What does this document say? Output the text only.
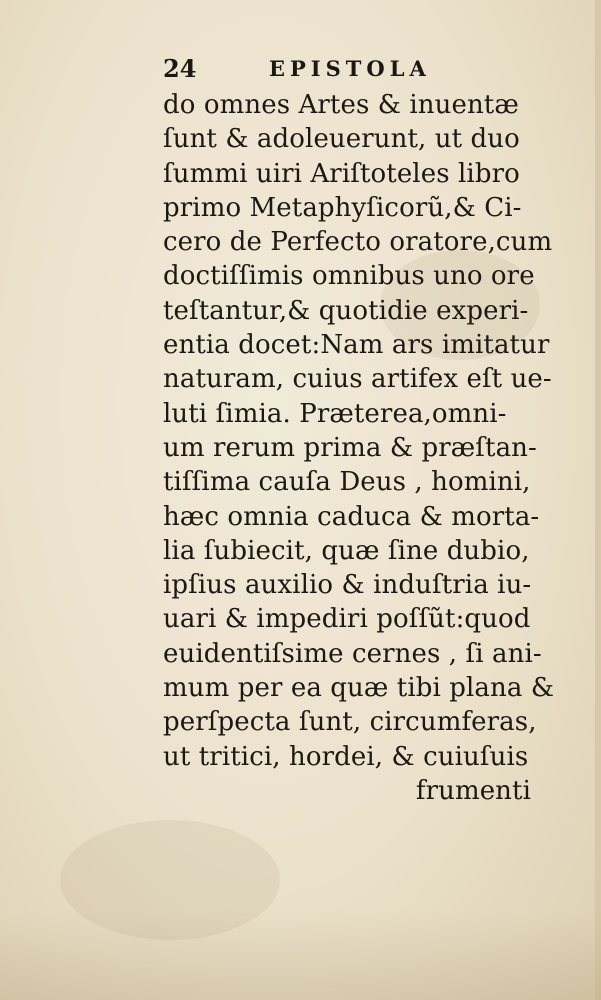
24	EPISTOLA
do omnes Artes & inuentæ
ſunt & adoleuerunt, ut duo
ſummi uiri Ariſtoteles libro
primo Metaphyſicorũ,& Ci-
cero de Perfecto oratore,cum
doctiſſimis omnibus uno ore
teſtantur,& quotidie experi-
entia docet:Nam ars imitatur
naturam, cuius artifex eſt ue-
luti ſimia. Præterea,omni-
um rerum prima & præſtan-
tiſſima cauſa Deus , homini,
hæc omnia caduca & morta-
lia ſubiecit, quæ ſine dubio,
ipſius auxilio & induſtria iu-
uari & impediri poſſũt:quod
euidentiſsime cernes , ſi ani-
mum per ea quæ tibi plana &
perſpecta ſunt, circumferas,
ut tritici, hordei, & cuiuſuis
frumenti
